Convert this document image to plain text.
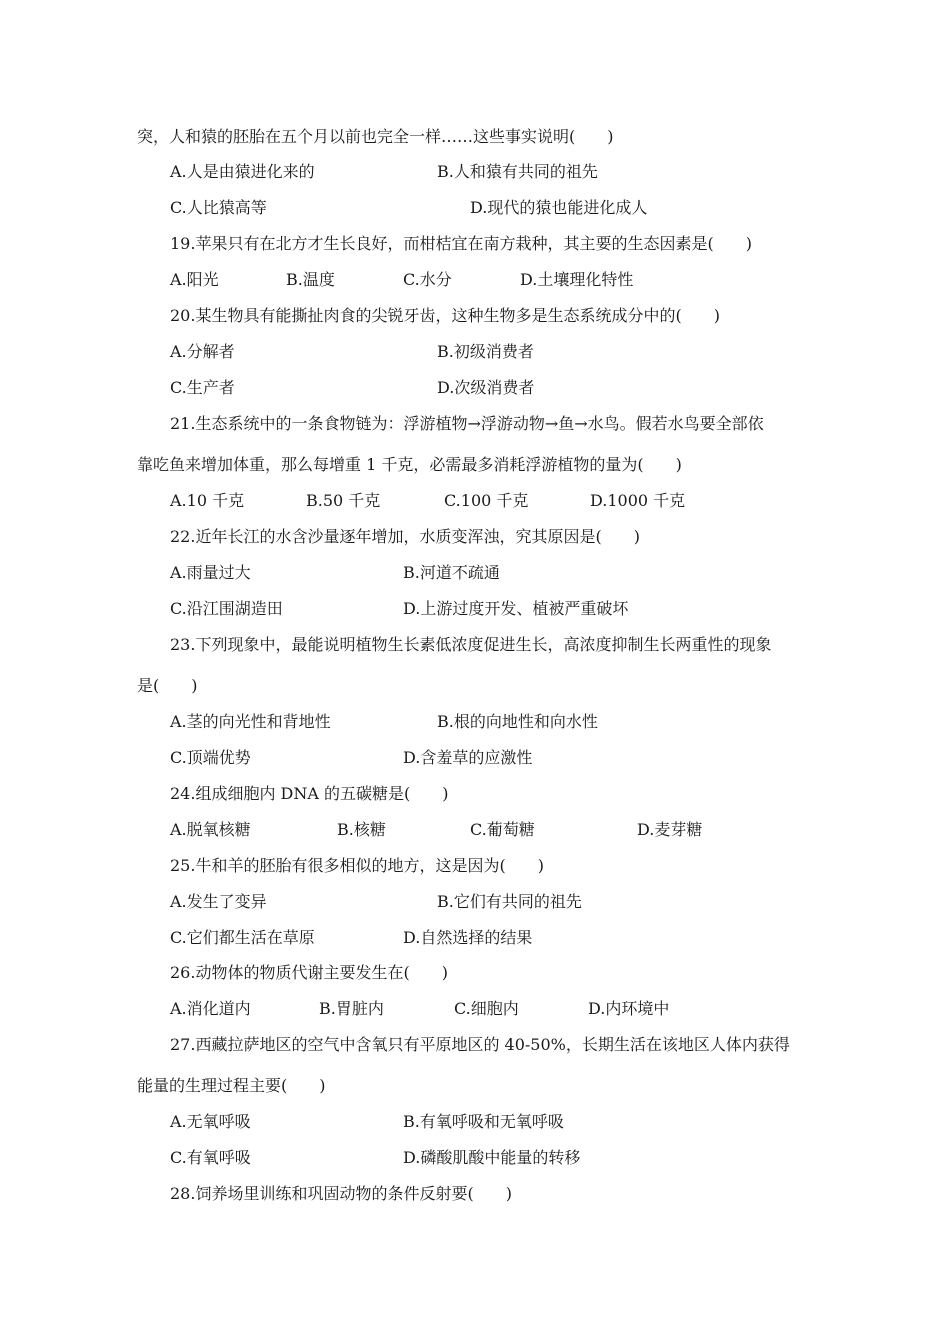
突，人和猿的胚胎在五个月以前也完全一样……这些事实说明(　　)
A.人是由猿进化来的	B.人和猿有共同的祖先
C.人比猿高等	D.现代的猿也能进化成人
19.苹果只有在北方才生长良好，而柑桔宜在南方栽种，其主要的生态因素是(　　)
A.阳光	B.温度	C.水分	D.土壤理化特性
20.某生物具有能撕扯肉食的尖锐牙齿，这种生物多是生态系统成分中的(　　)
A.分解者	B.初级消费者
C.生产者	D.次级消费者
21.生态系统中的一条食物链为：浮游植物→浮游动物→鱼→水鸟。假若水鸟要全部依
靠吃鱼来增加体重，那么每增重 1 千克，必需最多消耗浮游植物的量为(　　)
A.10 千克	B.50 千克	C.100 千克	D.1000 千克
22.近年长江的水含沙量逐年增加，水质变浑浊，究其原因是(　　)
A.雨量过大	B.河道不疏通
C.沿江围湖造田	D.上游过度开发、植被严重破坏
23.下列现象中，最能说明植物生长素低浓度促进生长，高浓度抑制生长两重性的现象
是(　　)
A.茎的向光性和背地性	B.根的向地性和向水性
C.顶端优势	D.含羞草的应激性
24.组成细胞内 DNA 的五碳糖是(　　)
A.脱氧核糖	B.核糖	C.葡萄糖	D.麦芽糖
25.牛和羊的胚胎有很多相似的地方，这是因为(　　)
A.发生了变异	B.它们有共同的祖先
C.它们都生活在草原	D.自然选择的结果
26.动物体的物质代谢主要发生在(　　)
A.消化道内	B.胃脏内	C.细胞内	D.内环境中
27.西藏拉萨地区的空气中含氧只有平原地区的 40-50%，长期生活在该地区人体内获得
能量的生理过程主要(　　)
A.无氧呼吸	B.有氧呼吸和无氧呼吸
C.有氧呼吸	D.磷酸肌酸中能量的转移
28.饲养场里训练和巩固动物的条件反射要(　　)
